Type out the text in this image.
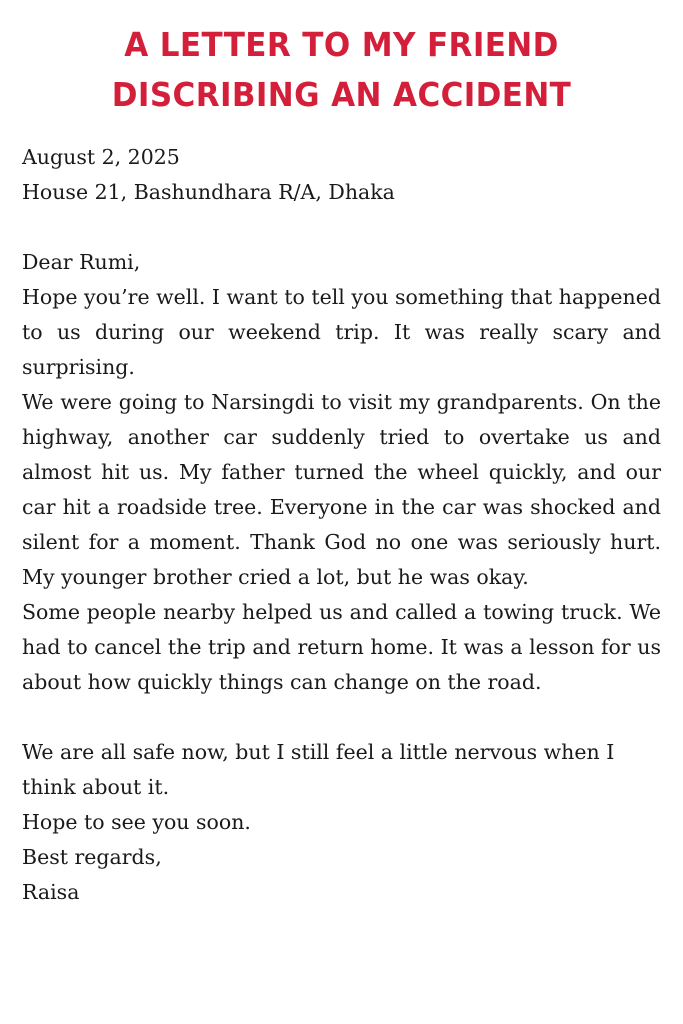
A LETTER TO MY FRIEND DISCRIBING AN ACCIDENT

August 2, 2025

House 21, Bashundhara R/A, Dhaka

Dear Rumi,

Hope you’re well. I want to tell you something that happened to us during our weekend trip. It was really scary and surprising.

We were going to Narsingdi to visit my grandparents. On the highway, another car suddenly tried to overtake us and almost hit us. My father turned the wheel quickly, and our car hit a roadside tree. Everyone in the car was shocked and silent for a moment. Thank God no one was seriously hurt. My younger brother cried a lot, but he was okay.

Some people nearby helped us and called a towing truck. We had to cancel the trip and return home. It was a lesson for us about how quickly things can change on the road.

We are all safe now, but I still feel a little nervous when I think about it.

Hope to see you soon.

Best regards,

Raisa
